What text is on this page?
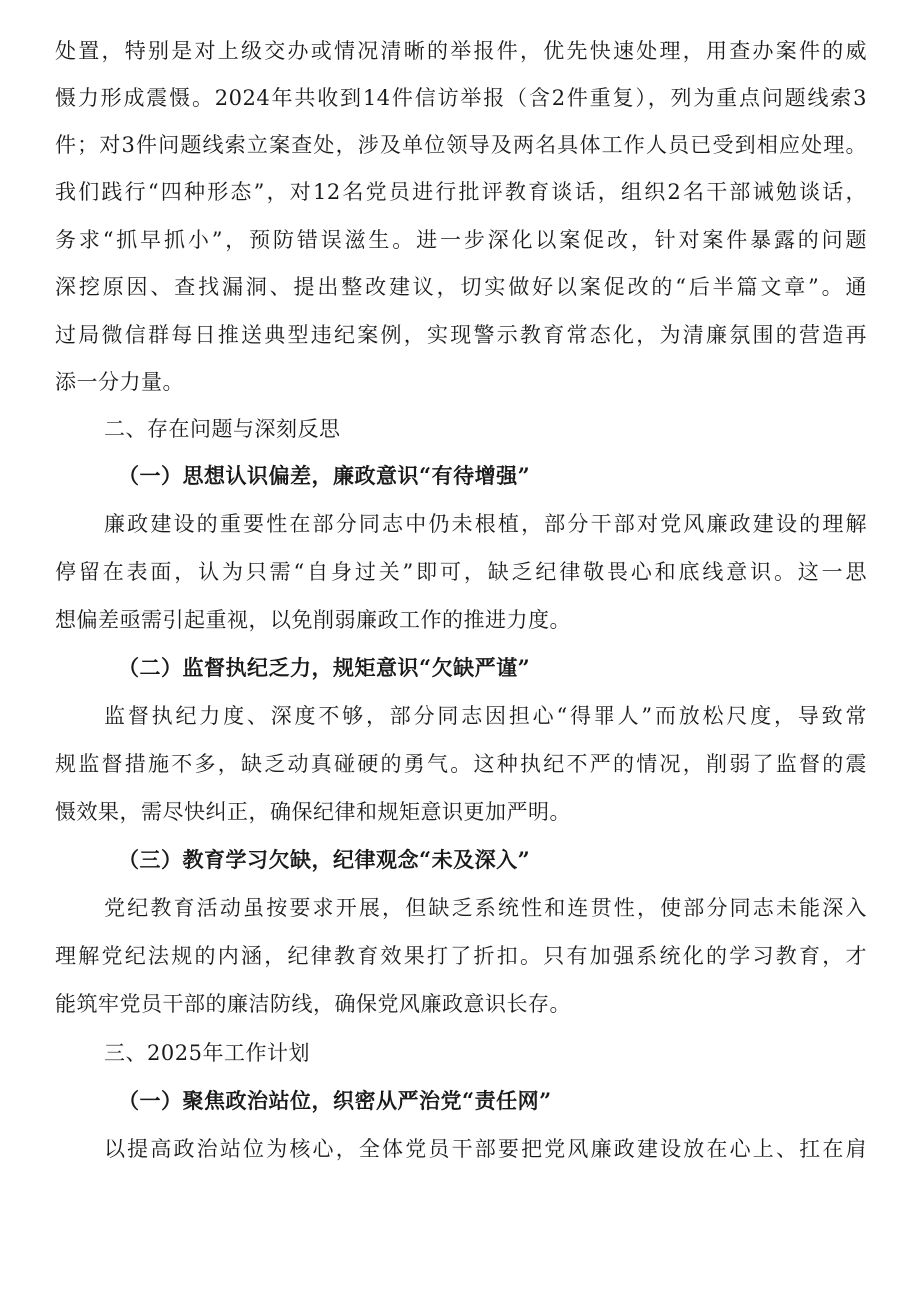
处置，特别是对上级交办或情况清晰的举报件，优先快速处理，用查办案件的威
慑力形成震慑。2024年共收到14件信访举报（含2件重复），列为重点问题线索3
件；对3件问题线索立案查处，涉及单位领导及两名具体工作人员已受到相应处理。
我们践行“四种形态”，对12名党员进行批评教育谈话，组织2名干部诫勉谈话，
务求“抓早抓小”，预防错误滋生。进一步深化以案促改，针对案件暴露的问题
深挖原因、查找漏洞、提出整改建议，切实做好以案促改的“后半篇文章”。通
过局微信群每日推送典型违纪案例，实现警示教育常态化，为清廉氛围的营造再
添一分力量。
二、存在问题与深刻反思
（一）思想认识偏差，廉政意识“有待增强”
廉政建设的重要性在部分同志中仍未根植，部分干部对党风廉政建设的理解
停留在表面，认为只需“自身过关”即可，缺乏纪律敬畏心和底线意识。这一思
想偏差亟需引起重视，以免削弱廉政工作的推进力度。
（二）监督执纪乏力，规矩意识“欠缺严谨”
监督执纪力度、深度不够，部分同志因担心“得罪人”而放松尺度，导致常
规监督措施不多，缺乏动真碰硬的勇气。这种执纪不严的情况，削弱了监督的震
慑效果，需尽快纠正，确保纪律和规矩意识更加严明。
（三）教育学习欠缺，纪律观念“未及深入”
党纪教育活动虽按要求开展，但缺乏系统性和连贯性，使部分同志未能深入
理解党纪法规的内涵，纪律教育效果打了折扣。只有加强系统化的学习教育，才
能筑牢党员干部的廉洁防线，确保党风廉政意识长存。
三、2025年工作计划
（一）聚焦政治站位，织密从严治党“责任网”
以提高政治站位为核心，全体党员干部要把党风廉政建设放在心上、扛在肩
